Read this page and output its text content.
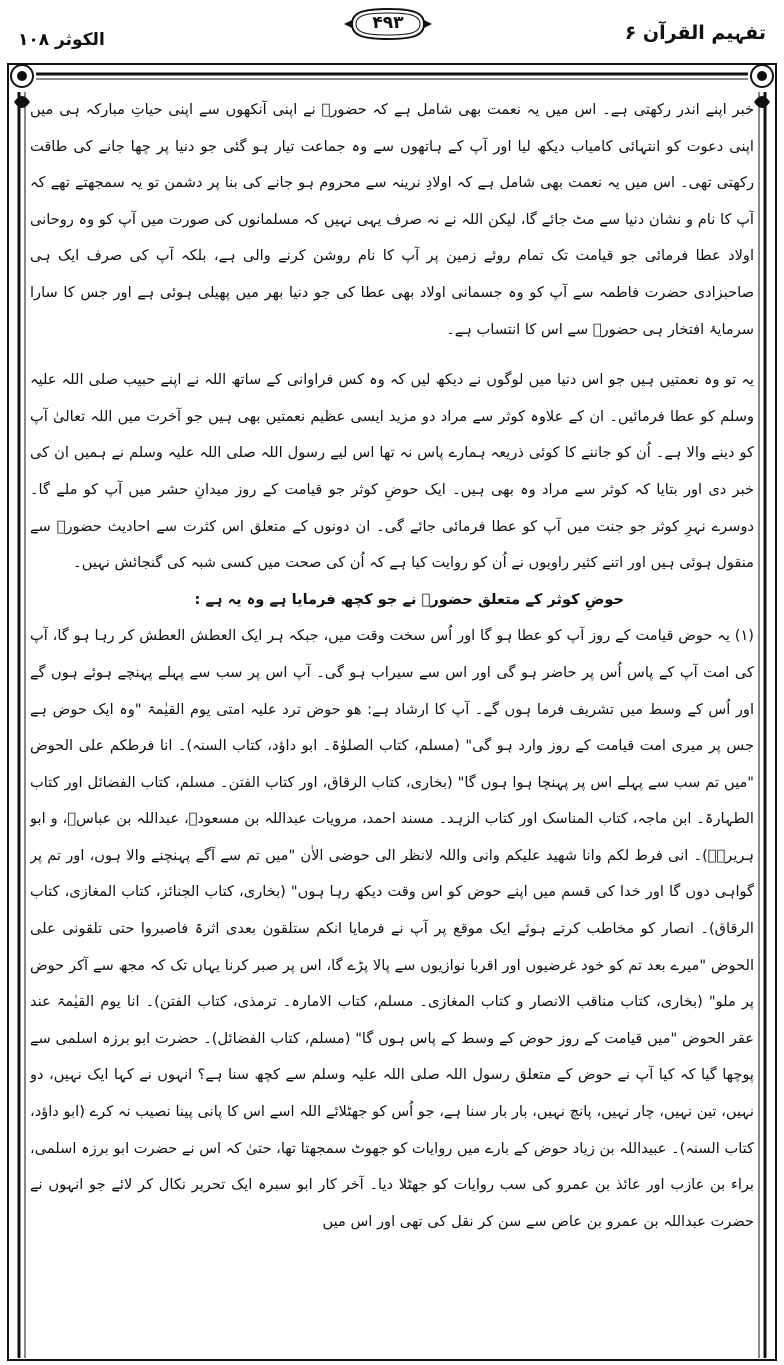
الکوثر ۱۰۸
۴۹۳	تفہیم القرآن ۶

خبر اپنے اندر رکھتی ہے۔ اس میں یہ نعمت بھی شامل ہے کہ حضورؐ نے اپنی آنکھوں سے اپنی حیاتِ مبارکہ ہی میں اپنی دعوت کو انتہائی کامیاب دیکھ لیا اور آپ کے ہاتھوں سے وہ جماعت تیار ہو گئی جو دنیا پر چھا جانے کی طاقت رکھتی تھی۔ اس میں یہ نعمت بھی شامل ہے کہ اولادِ نرینہ سے محروم ہو جانے کی بنا پر دشمن تو یہ سمجھتے تھے کہ آپ کا نام و نشان دنیا سے مٹ جائے گا، لیکن اللہ نے نہ صرف یہی نہیں کہ مسلمانوں کی صورت میں آپ کو وہ روحانی اولاد عطا فرمائی جو قیامت تک تمام روئے زمین پر آپ کا نام روشن کرنے والی ہے، بلکہ آپ کی صرف ایک ہی صاحبزادی حضرت فاطمہ سے آپ کو وہ جسمانی اولاد بھی عطا کی جو دنیا بھر میں پھیلی ہوئی ہے اور جس کا سارا سرمایۂ افتخار ہی حضورؐ سے اس کا انتساب ہے۔

یہ تو وہ نعمتیں ہیں جو اس دنیا میں لوگوں نے دیکھ لیں کہ وہ کس فراوانی کے ساتھ اللہ نے اپنے حبیب صلی اللہ علیہ وسلم کو عطا فرمائیں۔ ان کے علاوہ کوثر سے مراد دو مزید ایسی عظیم نعمتیں بھی ہیں جو آخرت میں اللہ تعالیٰ آپ کو دینے والا ہے۔ اُن کو جاننے کا کوئی ذریعہ ہمارے پاس نہ تھا اس لیے رسول اللہ صلی اللہ علیہ وسلم نے ہمیں ان کی خبر دی اور بتایا کہ کوثر سے مراد وہ بھی ہیں۔ ایک حوضِ کوثر جو قیامت کے روز میدانِ حشر میں آپ کو ملے گا۔ دوسرے نہرِ کوثر جو جنت میں آپ کو عطا فرمائی جائے گی۔ ان دونوں کے متعلق اس کثرت سے احادیث حضورؐ سے منقول ہوئی ہیں اور اتنے کثیر راویوں نے اُن کو روایت کیا ہے کہ اُن کی صحت میں کسی شبہ کی گنجائش نہیں۔

حوضِ کوثر کے متعلق حضورؐ نے جو کچھ فرمایا ہے وہ یہ ہے :

(۱) یہ حوض قیامت کے روز آپ کو عطا ہو گا اور اُس سخت وقت میں، جبکہ ہر ایک العطش العطش کر رہا ہو گا، آپ کی امت آپ کے پاس اُس پر حاضر ہو گی اور اس سے سیراب ہو گی۔ آپ اس پر سب سے پہلے پہنچے ہوئے ہوں گے اور اُس کے وسط میں تشریف فرما ہوں گے۔ آپ کا ارشاد ہے: ھو حوض ترد علیہ امتی یوم القیٰمۃ "وہ ایک حوض ہے جس پر میری امت قیامت کے روز وارد ہو گی" (مسلم، کتاب الصلوٰۃ۔ ابو داؤد، کتاب السنہ)۔ انا فرطکم علی الحوض "میں تم سب سے پہلے اس پر پہنچا ہوا ہوں گا" (بخاری، کتاب الرقاق، اور کتاب الفتن۔ مسلم، کتاب الفضائل اور کتاب الطہارۃ۔ ابن ماجہ، کتاب المناسک اور کتاب الزہد۔ مسند احمد، مرویات عبداللہ بن مسعودؓ، عبداللہ بن عباسؓ، و ابو ہریرہؓ)۔ انی فرط لکم وانا شھید علیکم وانی واللہ لانظر الی حوضی الاٰن "میں تم سے آگے پہنچنے والا ہوں، اور تم پر گواہی دوں گا اور خدا کی قسم میں اپنے حوض کو اس وقت دیکھ رہا ہوں" (بخاری، کتاب الجنائز، کتاب المغازی، کتاب الرقاق)۔ انصار کو مخاطب کرتے ہوئے ایک موقع پر آپ نے فرمایا انکم ستلقون بعدی اثرۃ فاصبروا حتی تلقونی علی الحوض "میرے بعد تم کو خود غرضیوں اور اقربا نوازیوں سے پالا پڑے گا، اس پر صبر کرنا یہاں تک کہ مجھ سے آکر حوض پر ملو" (بخاری، کتاب مناقب الانصار و کتاب المغازی۔ مسلم، کتاب الامارہ۔ ترمذی، کتاب الفتن)۔ انا یوم القیٰمۃ عند عقر الحوض "میں قیامت کے روز حوض کے وسط کے پاس ہوں گا" (مسلم، کتاب الفضائل)۔ حضرت ابو برزہ اسلمی سے پوچھا گیا کہ کیا آپ نے حوض کے متعلق رسول اللہ صلی اللہ علیہ وسلم سے کچھ سنا ہے؟ انہوں نے کہا ایک نہیں، دو نہیں، تین نہیں، چار نہیں، پانچ نہیں، بار بار سنا ہے، جو اُس کو جھٹلائے اللہ اسے اس کا پانی پینا نصیب نہ کرے (ابو داؤد، کتاب السنہ)۔ عبیداللہ بن زیاد حوض کے بارے میں روایات کو جھوٹ سمجھتا تھا، حتیٰ کہ اس نے حضرت ابو برزہ اسلمی، براء بن عازب اور عائذ بن عمرو کی سب روایات کو جھٹلا دیا۔ آخر کار ابو سبرہ ایک تحریر نکال کر لائے جو انہوں نے حضرت عبداللہ بن عمرو بن عاص سے سن کر نقل کی تھی اور اس میں
